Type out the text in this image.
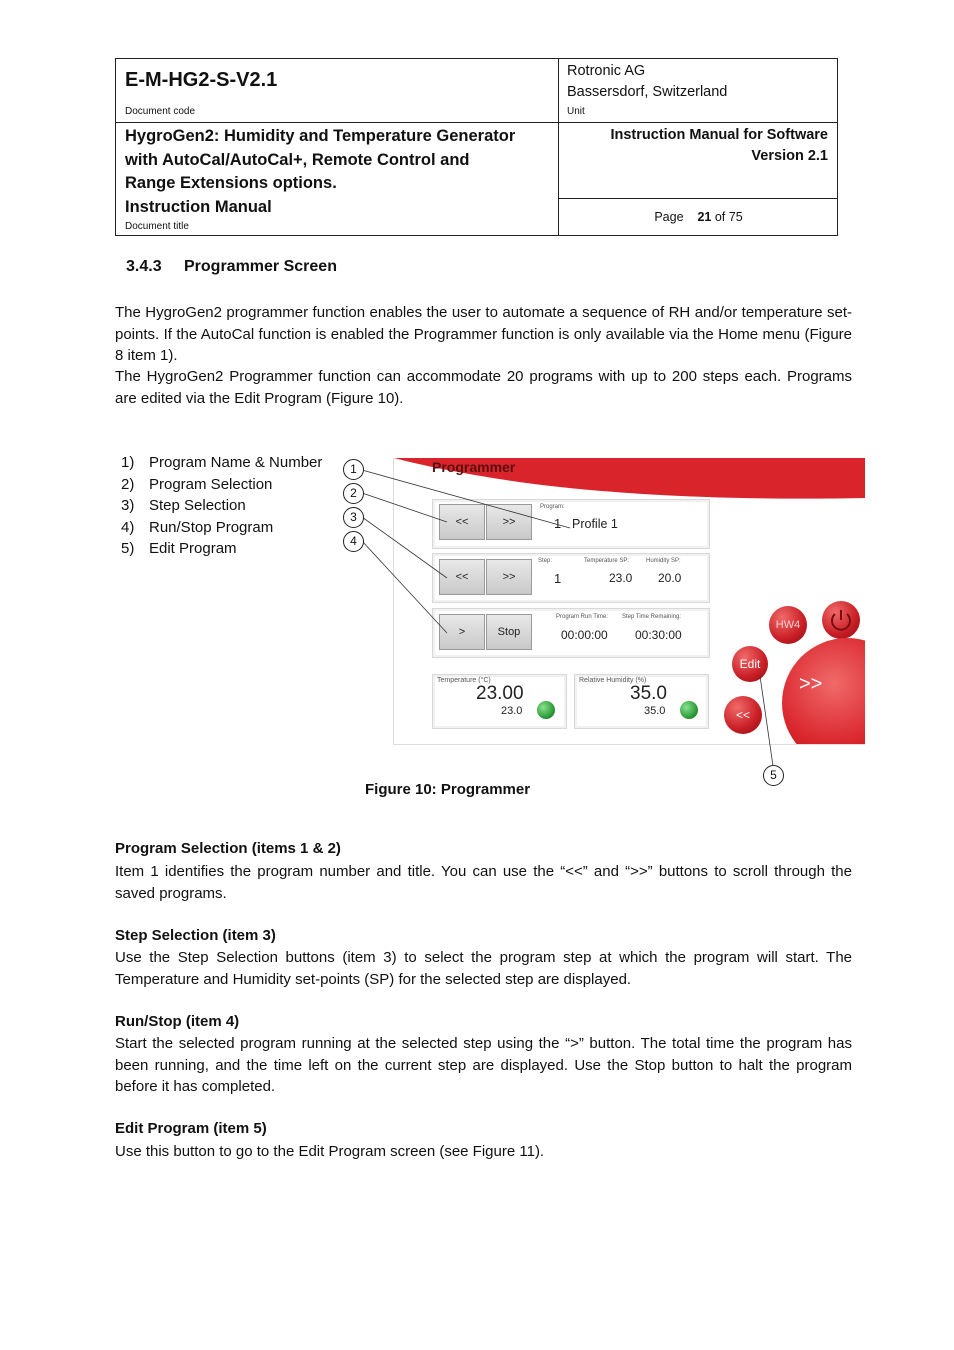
E-M-HG2-S-V2.1
Document code
Rotronic AG
Bassersdorf, Switzerland
Unit
HygroGen2: Humidity and Temperature Generator
with AutoCal/AutoCal+, Remote Control and
Range Extensions options.
Instruction Manual
Document title
Instruction Manual for Software
Version 2.1
Page 21 of 75
3.4.3 Programmer Screen
The HygroGen2 programmer function enables the user to automate a sequence of RH and/or temperature set-points. If the AutoCal function is enabled the Programmer function is only available via the Home menu (Figure 8 item 1).
The HygroGen2 Programmer function can accommodate 20 programs with up to 200 steps each. Programs are edited via the Edit Program (Figure 10).
1) Program Name & Number
2) Program Selection
3) Step Selection
4) Run/Stop Program
5) Edit Program
Programmer
<<	>>
Program:
1 Profile 1
<<	>>
Step:
1
Temperature SP:
23.0
Humidity SP:
20.0
>	Stop
Program Run Time:
00:00:00
Step Time Remaining:
00:30:00
Temperature (°C)
23.00
23.0
Relative Humidity (%)
35.0
35.0
HW4
>>
Edit
<<
1
2
3
4
5
Figure 10: Programmer
Program Selection (items 1 & 2)
Item 1 identifies the program number and title. You can use the “<<” and “>>” buttons to scroll through the saved programs.
Step Selection (item 3)
Use the Step Selection buttons (item 3) to select the program step at which the program will start. The Temperature and Humidity set-points (SP) for the selected step are displayed.
Run/Stop (item 4)
Start the selected program running at the selected step using the “>” button. The total time the program has been running, and the time left on the current step are displayed. Use the Stop button to halt the program before it has completed.
Edit Program (item 5)
Use this button to go to the Edit Program screen (see Figure 11).
